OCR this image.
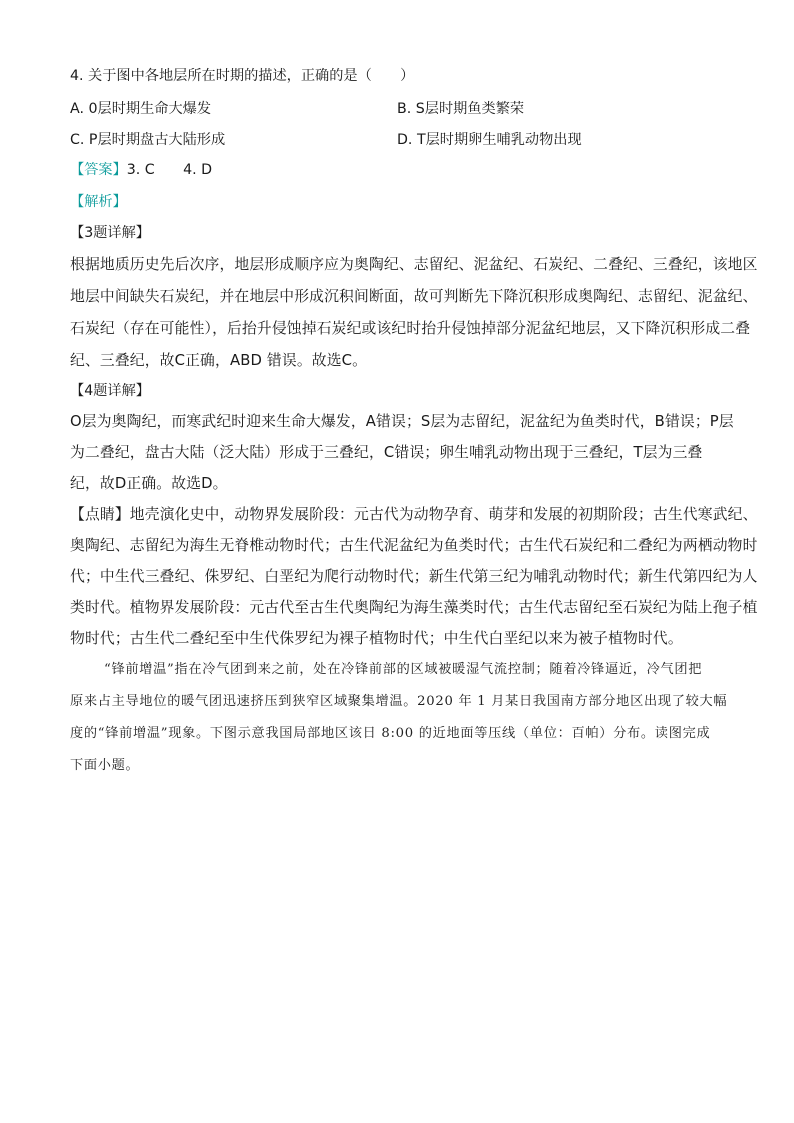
4. 关于图中各地层所在时期的描述，正确的是（　　）
A. 0层时期生命大爆发	B. S层时期鱼类繁荣
C. P层时期盘古大陆形成	D. T层时期卵生哺乳动物出现
【答案】3. C　　4. D
【解析】
【3题详解】
根据地质历史先后次序，地层形成顺序应为奥陶纪、志留纪、泥盆纪、石炭纪、二叠纪、三叠纪，该地区
地层中间缺失石炭纪，并在地层中形成沉积间断面，故可判断先下降沉积形成奥陶纪、志留纪、泥盆纪、
石炭纪（存在可能性），后抬升侵蚀掉石炭纪或该纪时抬升侵蚀掉部分泥盆纪地层，又下降沉积形成二叠
纪、三叠纪，故C正确，ABD 错误。故选C。
【4题详解】
O层为奥陶纪，而寒武纪时迎来生命大爆发，A错误；S层为志留纪，泥盆纪为鱼类时代，B错误；P层
为二叠纪，盘古大陆（泛大陆）形成于三叠纪，C错误；卵生哺乳动物出现于三叠纪，T层为三叠
纪，故D正确。故选D。
【点睛】地壳演化史中，动物界发展阶段：元古代为动物孕育、萌芽和发展的初期阶段；古生代寒武纪、
奥陶纪、志留纪为海生无脊椎动物时代；古生代泥盆纪为鱼类时代；古生代石炭纪和二叠纪为两栖动物时
代；中生代三叠纪、侏罗纪、白垩纪为爬行动物时代；新生代第三纪为哺乳动物时代；新生代第四纪为人
类时代。植物界发展阶段：元古代至古生代奥陶纪为海生藻类时代；古生代志留纪至石炭纪为陆上孢子植
物时代；古生代二叠纪至中生代侏罗纪为裸子植物时代；中生代白垩纪以来为被子植物时代。
“锋前增温”指在冷气团到来之前，处在冷锋前部的区域被暖湿气流控制；随着冷锋逼近，冷气团把
原来占主导地位的暖气团迅速挤压到狭窄区域聚集增温。2020 年 1 月某日我国南方部分地区出现了较大幅
度的“锋前增温”现象。下图示意我国局部地区该日 8:00 的近地面等压线（单位：百帕）分布。读图完成
下面小题。
